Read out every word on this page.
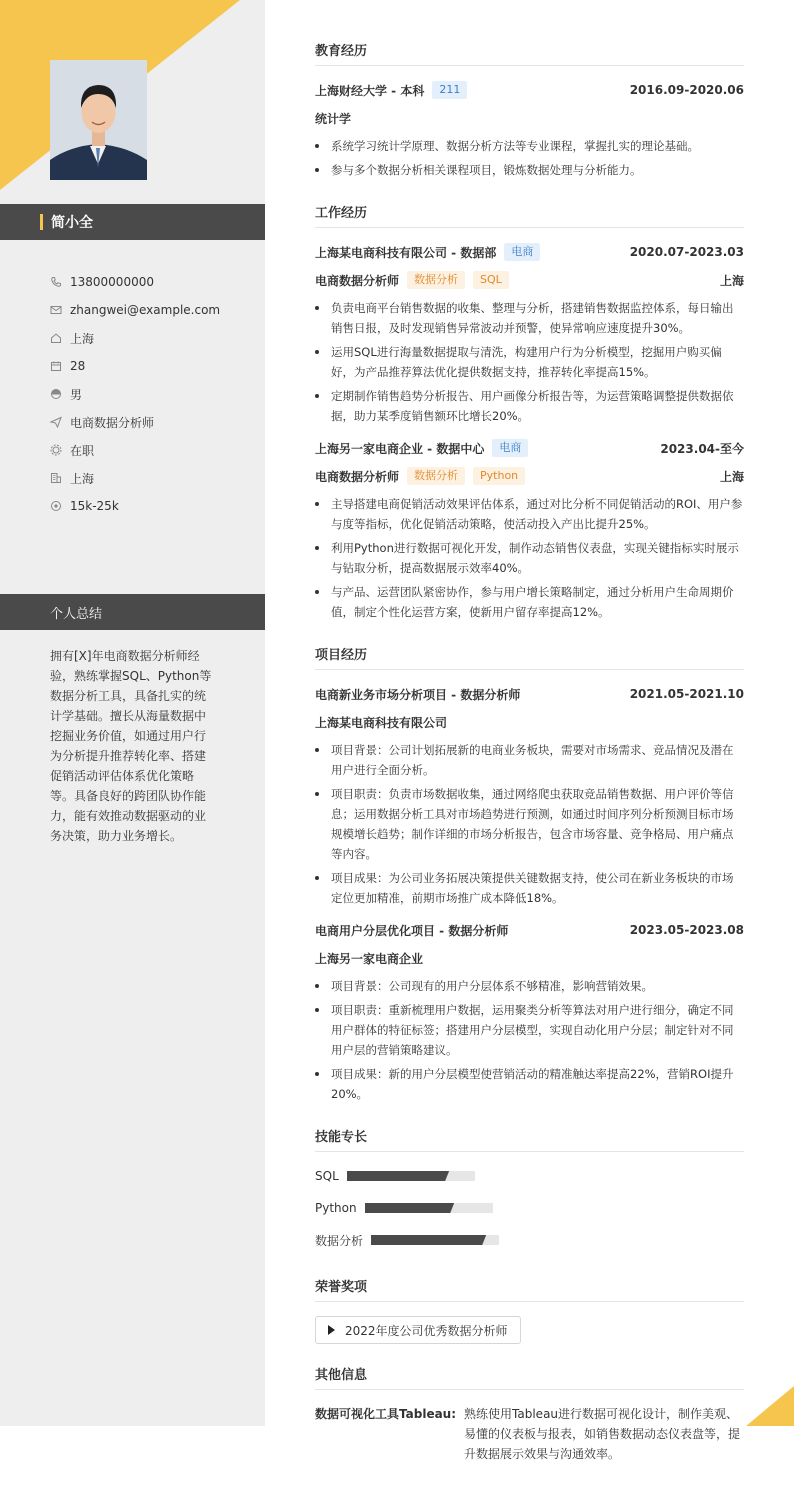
简小全
13800000000
zhangwei@example.com
上海
28
男
电商数据分析师
在职
上海
15k-25k
个人总结
拥有[X]年电商数据分析师经验，熟练掌握SQL、Python等数据分析工具，具备扎实的统计学基础。擅长从海量数据中挖掘业务价值，如通过用户行为分析提升推荐转化率、搭建促销活动评估体系优化策略等。具备良好的跨团队协作能力，能有效推动数据驱动的业务决策，助力业务增长。
教育经历
上海财经大学 - 本科	211	2016.09-2020.06
统计学
系统学习统计学原理、数据分析方法等专业课程，掌握扎实的理论基础。
参与多个数据分析相关课程项目，锻炼数据处理与分析能力。
工作经历
上海某电商科技有限公司 - 数据部	电商	2020.07-2023.03
电商数据分析师	数据分析	SQL	上海
负责电商平台销售数据的收集、整理与分析，搭建销售数据监控体系，每日输出销售日报，及时发现销售异常波动并预警，使异常响应速度提升30%。
运用SQL进行海量数据提取与清洗，构建用户行为分析模型，挖掘用户购买偏好，为产品推荐算法优化提供数据支持，推荐转化率提高15%。
定期制作销售趋势分析报告、用户画像分析报告等，为运营策略调整提供数据依据，助力某季度销售额环比增长20%。
上海另一家电商企业 - 数据中心	电商	2023.04-至今
电商数据分析师	数据分析	Python	上海
主导搭建电商促销活动效果评估体系，通过对比分析不同促销活动的ROI、用户参与度等指标，优化促销活动策略，使活动投入产出比提升25%。
利用Python进行数据可视化开发，制作动态销售仪表盘，实现关键指标实时展示与钻取分析，提高数据展示效率40%。
与产品、运营团队紧密协作，参与用户增长策略制定，通过分析用户生命周期价值，制定个性化运营方案，使新用户留存率提高12%。
项目经历
电商新业务市场分析项目 - 数据分析师	2021.05-2021.10
上海某电商科技有限公司
项目背景：公司计划拓展新的电商业务板块，需要对市场需求、竞品情况及潜在用户进行全面分析。
项目职责：负责市场数据收集，通过网络爬虫获取竞品销售数据、用户评价等信息；运用数据分析工具对市场趋势进行预测，如通过时间序列分析预测目标市场规模增长趋势；制作详细的市场分析报告，包含市场容量、竞争格局、用户痛点等内容。
项目成果：为公司业务拓展决策提供关键数据支持，使公司在新业务板块的市场定位更加精准，前期市场推广成本降低18%。
电商用户分层优化项目 - 数据分析师	2023.05-2023.08
上海另一家电商企业
项目背景：公司现有的用户分层体系不够精准，影响营销效果。
项目职责：重新梳理用户数据，运用聚类分析等算法对用户进行细分，确定不同用户群体的特征标签；搭建用户分层模型，实现自动化用户分层；制定针对不同用户层的营销策略建议。
项目成果：新的用户分层模型使营销活动的精准触达率提高22%，营销ROI提升20%。
技能专长
SQL
Python
数据分析
荣誉奖项
2022年度公司优秀数据分析师
其他信息
数据可视化工具Tableau: 熟练使用Tableau进行数据可视化设计，制作美观、易懂的仪表板与报表，如销售数据动态仪表盘等，提升数据展示效果与沟通效率。
